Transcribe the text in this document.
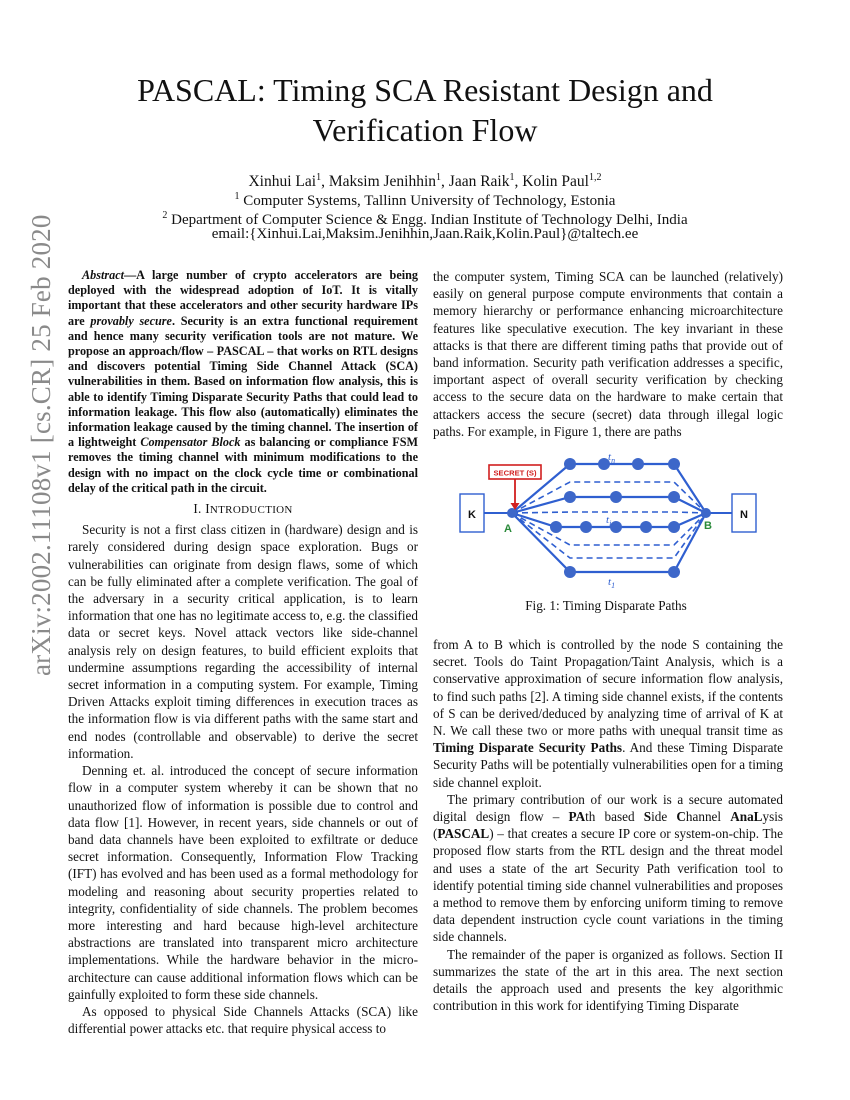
arXiv:2002.11108v1 [cs.CR] 25 Feb 2020
PASCAL: Timing SCA Resistant Design and
Verification Flow
Xinhui Lai$^1$, Maksim Jenihhin$^1$, Jaan Raik$^1$, Kolin Paul$^{1,2}$
$^1$ Computer Systems, Tallinn University of Technology, Estonia
$^2$ Department of Computer Science & Engg. Indian Institute of Technology Delhi, India
email:{Xinhui.Lai,Maksim.Jenihhin,Jaan.Raik,Kolin.Paul}@taltech.ee

Abstract—A large number of crypto accelerators are being deployed with the widespread adoption of IoT. It is vitally important that these accelerators and other security hardware IPs are provably secure. Security is an extra functional requirement and hence many security verification tools are not mature. We propose an approach/flow – PASCAL – that works on RTL designs and discovers potential Timing Side Channel Attack (SCA) vulnerabilities in them. Based on information flow analysis, this is able to identify Timing Disparate Security Paths that could lead to information leakage. This flow also (automatically) eliminates the information leakage caused by the timing channel. The insertion of a lightweight Compensator Block as balancing or compliance FSM removes the timing channel with minimum modifications to the design with no impact on the clock cycle time or combinational delay of the critical path in the circuit.

I. INTRODUCTION

Security is not a first class citizen in (hardware) design and is rarely considered during design space exploration. Bugs or vulnerabilities can originate from design flaws, some of which can be fully eliminated after a complete verification. The goal of the adversary in a security critical application, is to learn information that one has no legitimate access to, e.g. the classified data or secret keys. Novel attack vectors like side-channel analysis rely on design features, to build efficient exploits that undermine assumptions regarding the accessibility of internal secret information in a computing system. For example, Timing Driven Attacks exploit timing differences in execution traces as the information flow is via different paths with the same start and end nodes (controllable and observable) to derive the secret information.

Denning et. al. introduced the concept of secure information flow in a computer system whereby it can be shown that no unauthorized flow of information is possible due to control and data flow [1]. However, in recent years, side channels or out of band data channels have been exploited to exfiltrate or deduce secret information. Consequently, Information Flow Tracking (IFT) has evolved and has been used as a formal methodology for modeling and reasoning about security properties related to integrity, confidentiality of side channels. The problem becomes more interesting and hard because high-level architecture abstractions are translated into transparent micro architecture implementations. While the hardware behavior in the micro-architecture can cause additional information flows which can be gainfully exploited to form these side channels.

As opposed to physical Side Channels Attacks (SCA) like differential power attacks etc. that require physical access to

the computer system, Timing SCA can be launched (relatively) easily on general purpose compute environments that contain a memory hierarchy or performance enhancing microarchitecture features like speculative execution. The key invariant in these attacks is that there are different timing paths that provide out of band information. Security path verification addresses a specific, important aspect of overall security verification by checking access to the secure data on the hardware to make certain that attackers access the secure (secret) data through illegal logic paths. For example, in Figure 1, there are paths

K	N
A	B
SECRET (S)
$t_n$
$t_i$
$t_1$
Fig. 1: Timing Disparate Paths

from A to B which is controlled by the node S containing the secret. Tools do Taint Propagation/Taint Analysis, which is a conservative approximation of secure information flow analysis, to find such paths [2]. A timing side channel exists, if the contents of S can be derived/deduced by analyzing time of arrival of K at N. We call these two or more paths with unequal transit time as Timing Disparate Security Paths. And these Timing Disparate Security Paths will be potentially vulnerabilities open for a timing side channel exploit.

The primary contribution of our work is a secure automated digital design flow – PAth based Side Channel AnaLysis (PASCAL) – that creates a secure IP core or system-on-chip. The proposed flow starts from the RTL design and the threat model and uses a state of the art Security Path verification tool to identify potential timing side channel vulnerabilities and proposes a method to remove them by enforcing uniform timing to remove data dependent instruction cycle count variations in the timing side channels.

The remainder of the paper is organized as follows. Section II summarizes the state of the art in this area. The next section details the approach used and presents the key algorithmic contribution in this work for identifying Timing Disparate
